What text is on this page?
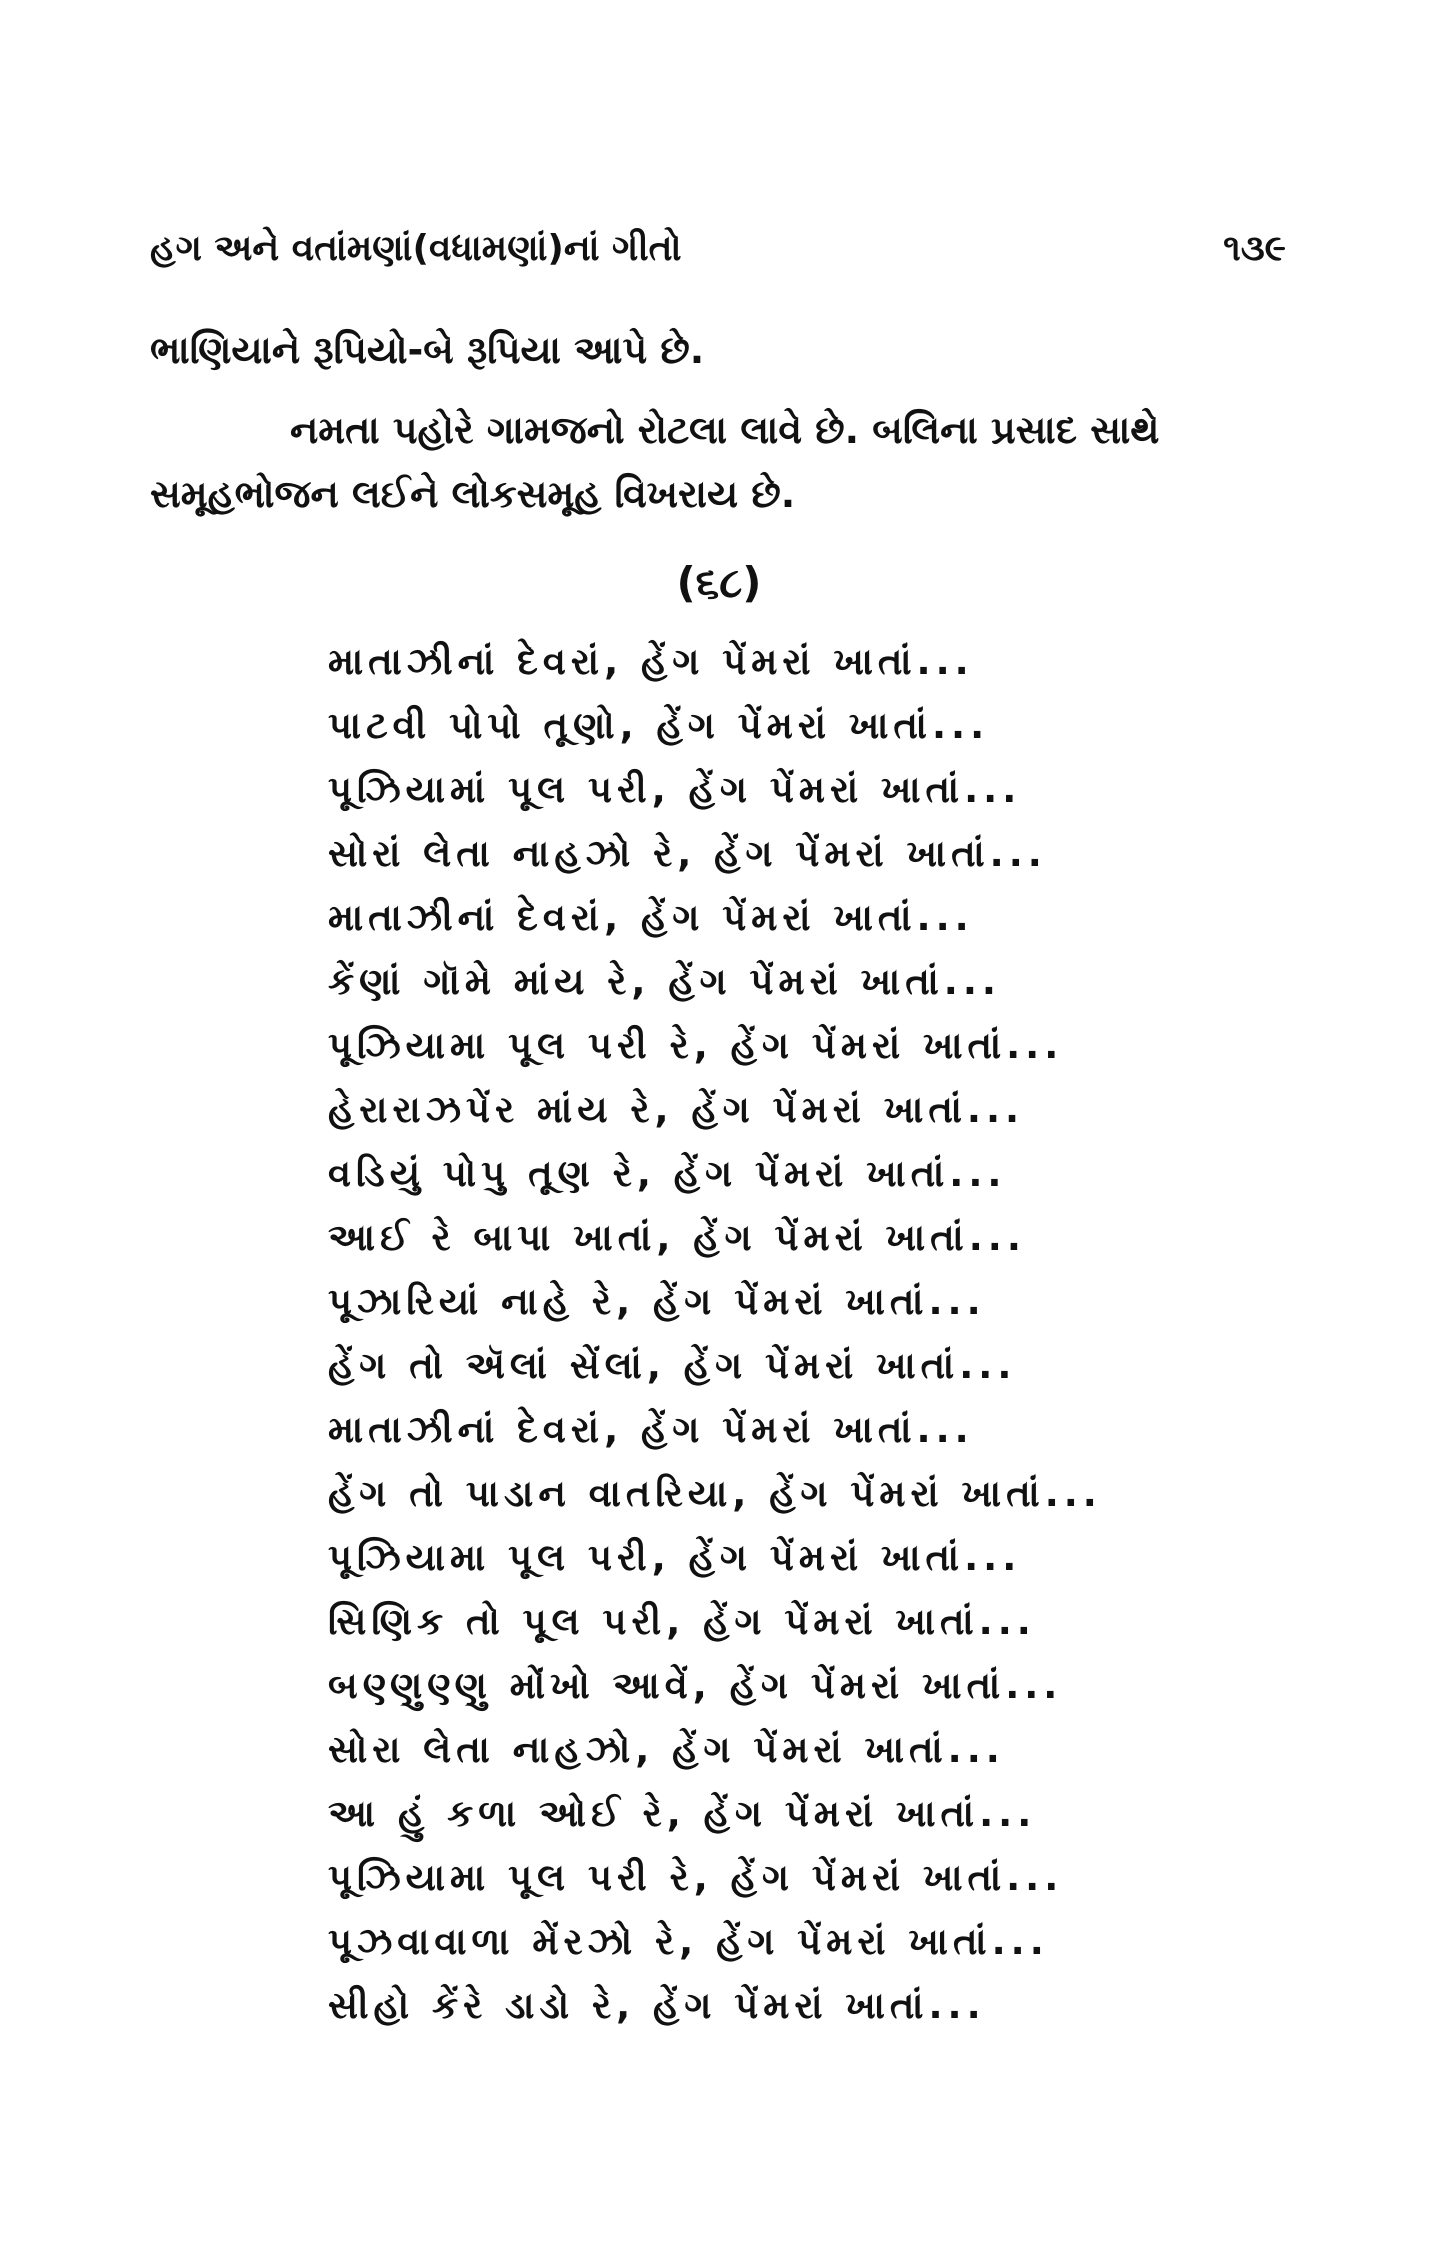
હગ અને વતાંમણાં(વધામણાં)નાં ગીતો	૧૩૯
ભાણિયાને રૂપિયો-બે રૂપિયા આપે છે.
નમતા પહોરે ગામજનો રોટલા લાવે છે. બલિના પ્રસાદ સાથે સમૂહભોજન લઈને લોકસમૂહ વિખરાય છે.
(૬૮)
માતાઝીનાં દેવરાં, હેંગ પેંમરાં ખાતાં...
પાટવી પોપો તૂણો, હેંગ પેંમરાં ખાતાં...
પૂઝિયામાં પૂલ પરી, હેંગ પેંમરાં ખાતાં...
સોરાં લેતા નાહઝો રે, હેંગ પેંમરાં ખાતાં...
માતાઝીનાં દેવરાં, હેંગ પેંમરાં ખાતાં...
કેંણાં ગૉમે માંય રે, હેંગ પેંમરાં ખાતાં...
પૂઝિયામા પૂલ પરી રે, હેંગ પેંમરાં ખાતાં...
હેરારાઝપેંર માંય રે, હેંગ પેંમરાં ખાતાં...
વડિયું પોપુ તૂણ રે, હેંગ પેંમરાં ખાતાં...
આઈ રે બાપા ખાતાં, હેંગ પેંમરાં ખાતાં...
પૂઝારિયાં નાહે રે, હેંગ પેંમરાં ખાતાં...
હેંગ તો ઍલાં સેંલાં, હેંગ પેંમરાં ખાતાં...
માતાઝીનાં દેવરાં, હેંગ પેંમરાં ખાતાં...
હેંગ તો પાડાન વાતરિયા, હેંગ પેંમરાં ખાતાં...
પૂઝિયામા પૂલ પરી, હેંગ પેંમરાં ખાતાં...
સિણિક તો પૂલ પરી, હેંગ પેંમરાં ખાતાં...
બણ્ણુણ્ણુ મોંખો આવેં, હેંગ પેંમરાં ખાતાં...
સોરા લેતા નાહઝો, હેંગ પેંમરાં ખાતાં...
આ હું કળા ઓઈ રે, હેંગ પેંમરાં ખાતાં...
પૂઝિયામા પૂલ પરી રે, હેંગ પેંમરાં ખાતાં...
પૂઝવાવાળા મેંરઝો રે, હેંગ પેંમરાં ખાતાં...
સીહો કેંરે ડાડો રે, હેંગ પેંમરાં ખાતાં...
